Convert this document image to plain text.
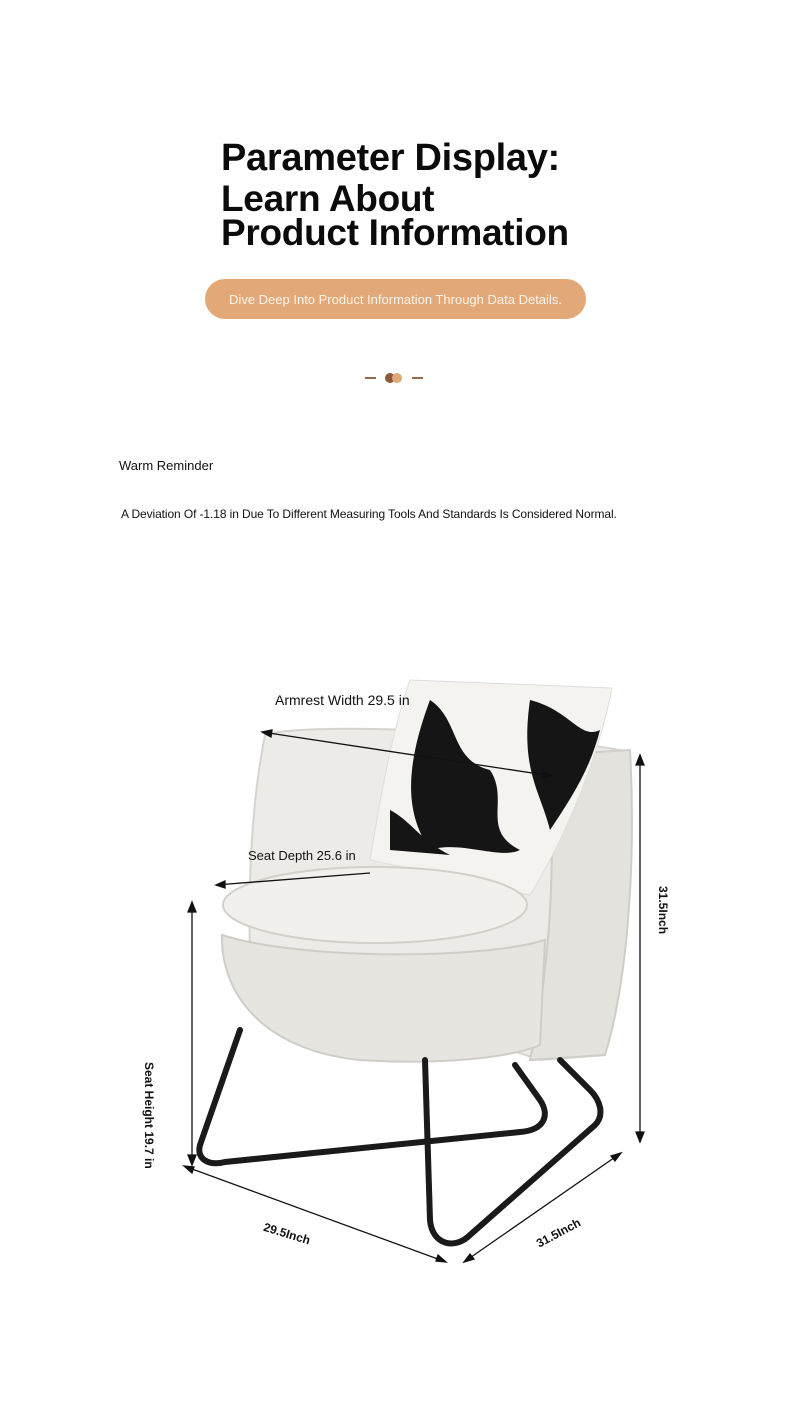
Parameter Display:
Learn About
Product Information
Dive Deep Into Product Information Through Data Details.
Warm Reminder
A Deviation Of -1.18 in Due To Different Measuring Tools And Standards Is Considered Normal.
Armrest Width 29.5 in
Seat Depth 25.6 in
31.5Inch
Seat Height 19.7 in
29.5Inch	31.5Inch
